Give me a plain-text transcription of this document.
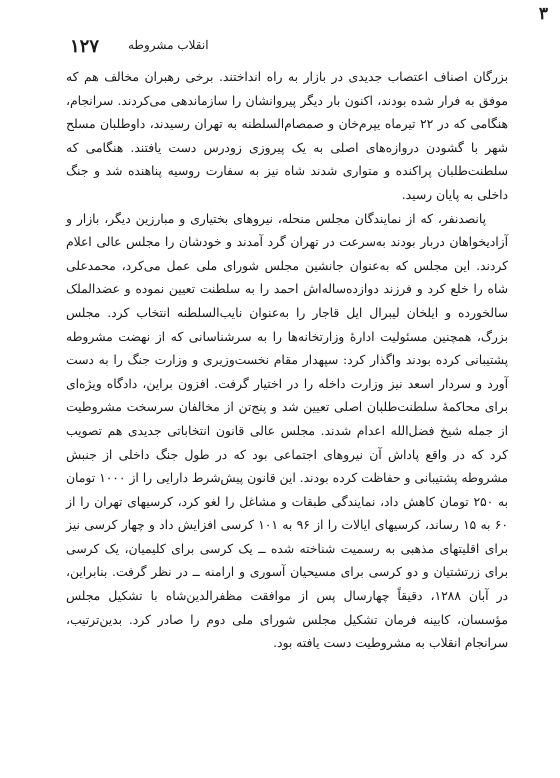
۳
۱۲۷ انقلاب مشروطه

بزرگان اصناف اعتصاب جدیدی در بازار به راه انداختند. برخی رهبران مخالف هم که موفق به فرار شده بودند، اکنون بار دیگر پیروانشان را سازماندهی می‌کردند. سرانجام، هنگامی که در ۲۲ تیرماه یپرم‌خان و صمصام‌السلطنه به تهران رسیدند، داوطلبان مسلح شهر با گشودن دروازه‌های اصلی به یک پیروزی زودرس دست یافتند. هنگامی که سلطنت‌طلبان پراکنده و متواری شدند شاه نیز به سفارت روسیه پناهنده شد و جنگ داخلی به پایان رسید.

پانصدنفر، که از نمایندگان مجلس منحله، نیروهای بختیاری و مبارزین دیگر، بازار و آزادیخواهان دربار بودند به‌سرعت در تهران گرد آمدند و خودشان را مجلس عالی اعلام کردند. این مجلس که به‌عنوان جانشین مجلس شورای ملی عمل می‌کرد، محمدعلی شاه را خلع کرد و فرزند دوازده‌ساله‌اش احمد را به سلطنت تعیین نموده و عضدالملک سالخورده و ایلخان لیبرال ایل قاجار را به‌عنوان نایب‌السلطنه انتخاب کرد. مجلس بزرگ، همچنین مسئولیت ادارهٔ وزارتخانه‌ها را به سرشناسانی که از نهضت مشروطه پشتیبانی کرده بودند واگذار کرد: سپهدار مقام نخست‌وزیری و وزارت جنگ را به دست آورد و سردار اسعد نیز وزارت داخله را در اختیار گرفت. افزون براین، دادگاه ویژه‌ای برای محاکمهٔ سلطنت‌طلبان اصلی تعیین شد و پنج‌تن از مخالفان سرسخت مشروطیت از جمله شیخ فضل‌الله اعدام شدند. مجلس عالی قانون انتخاباتی جدیدی هم تصویب کرد که در واقع پاداش آن نیروهای اجتماعی بود که در طول جنگ داخلی از جنبش مشروطه پشتیبانی و حفاظت کرده بودند. این قانون پیش‌شرط دارایی را از ۱۰۰۰ تومان به ۲۵۰ تومان کاهش داد، نمایندگی طبقات و مشاغل را لغو کرد، کرسیهای تهران را از ۶۰ به ۱۵ رساند، کرسیهای ایالات را از ۹۶ به ۱۰۱ کرسی افزایش داد و چهار کرسی نیز برای اقلیتهای مذهبی به رسمیت شناخته شده ــ یک کرسی برای کلیمیان، یک کرسی برای زرتشتیان و دو کرسی برای مسیحیان آسوری و ارامنه ــ در نظر گرفت. بنابراین، در آبان ۱۲۸۸، دقیقاً چهارسال پس از موافقت مظفرالدین‌شاه با تشکیل مجلس مؤسسان، کابینه فرمان تشکیل مجلس شورای ملی دوم را صادر کرد. بدین‌ترتیب، سرانجام انقلاب به مشروطیت دست یافته بود.
